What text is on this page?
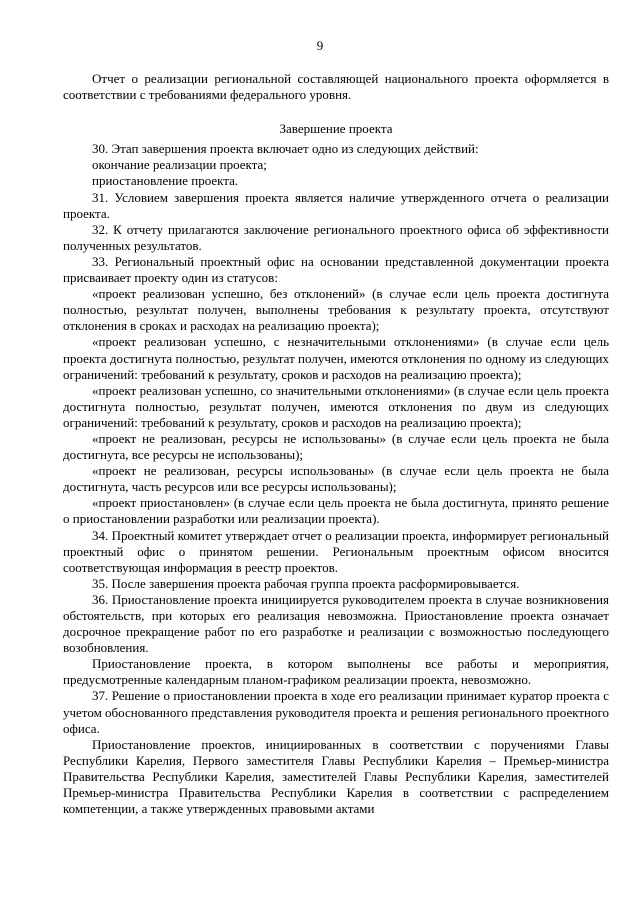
9

Отчет о реализации региональной составляющей национального проекта оформляется в соответствии с требованиями федерального уровня.

Завершение проекта

30. Этап завершения проекта включает одно из следующих действий:

окончание реализации проекта;

приостановление проекта.

31. Условием завершения проекта является наличие утвержденного отчета о реализации проекта.

32. К отчету прилагаются заключение регионального проектного офиса об эффективности полученных результатов.

33. Региональный проектный офис на основании представленной документации проекта присваивает проекту один из статусов:

«проект реализован успешно, без отклонений» (в случае если цель проекта достигнута полностью, результат получен, выполнены требования к результату проекта, отсутствуют отклонения в сроках и расходах на реализацию проекта);

«проект реализован успешно, с незначительными отклонениями» (в случае если цель проекта достигнута полностью, результат получен, имеются отклонения по одному из следующих ограничений: требований к результату, сроков и расходов на реализацию проекта);

«проект реализован успешно, со значительными отклонениями» (в случае если цель проекта достигнута полностью, результат получен, имеются отклонения по двум из следующих ограничений: требований к результату, сроков и расходов на реализацию проекта);

«проект не реализован, ресурсы не использованы» (в случае если цель проекта не была достигнута, все ресурсы не использованы);

«проект не реализован, ресурсы использованы» (в случае если цель проекта не была достигнута, часть ресурсов или все ресурсы использованы);

«проект приостановлен» (в случае если цель проекта не была достигнута, принято решение о приостановлении разработки или реализации проекта).

34. Проектный комитет утверждает отчет о реализации проекта, информирует региональный проектный офис о принятом решении. Региональным проектным офисом вносится соответствующая информация в реестр проектов.

35. После завершения проекта рабочая группа проекта расформировывается.

36. Приостановление проекта инициируется руководителем проекта в случае возникновения обстоятельств, при которых его реализация невозможна. Приостановление проекта означает досрочное прекращение работ по его разработке и реализации с возможностью последующего возобновления.

Приостановление проекта, в котором выполнены все работы и мероприятия, предусмотренные календарным планом-графиком реализации проекта, невозможно.

37. Решение о приостановлении проекта в ходе его реализации принимает куратор проекта с учетом обоснованного представления руководителя проекта и решения регионального проектного офиса.

Приостановление проектов, инициированных в соответствии с поручениями Главы Республики Карелия, Первого заместителя Главы Республики Карелия – Премьер-министра Правительства Республики Карелия, заместителей Главы Республики Карелия, заместителей Премьер-министра Правительства Республики Карелия в соответствии с распределением компетенции, а также утвержденных правовыми актами
